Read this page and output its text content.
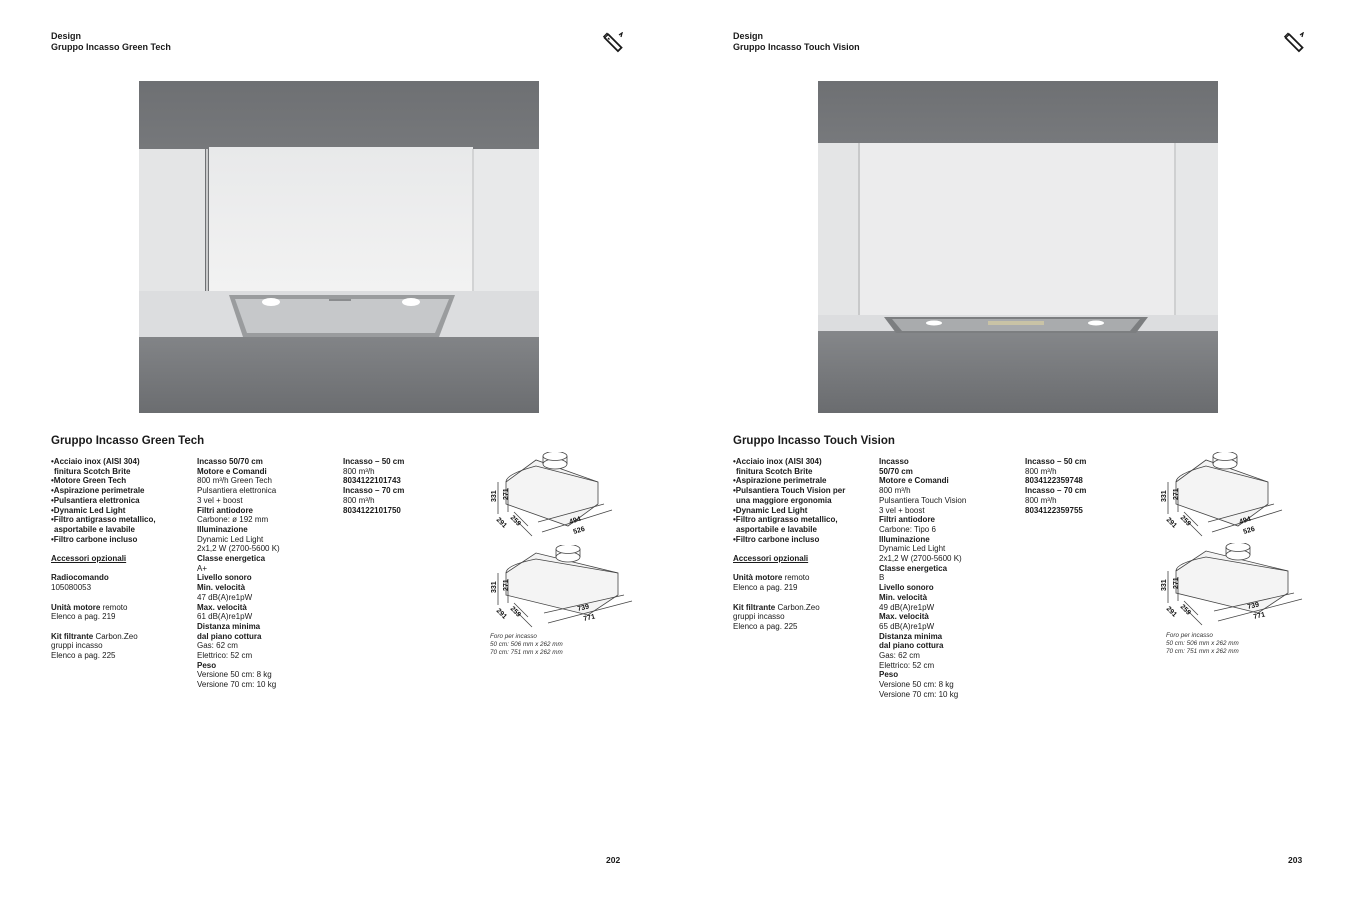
Design
Gruppo Incasso Green Tech
Gruppo Incasso Green Tech
•Acciaio inox (AISI 304)
finitura Scotch Brite
•Motore Green Tech
•Aspirazione perimetrale
•Pulsantiera elettronica
•Dynamic Led Light
•Filtro antigrasso metallico,
asportabile e lavabile
•Filtro carbone incluso
Accessori opzionali
Radiocomando
105080053
Unità motore remoto
Elenco a pag. 219
Kit filtrante Carbon.Zeo
gruppi incasso
Elenco a pag. 225
Incasso 50/70 cm
Motore e Comandi
800 m³/h Green Tech
Pulsantiera elettronica
3 vel + boost
Filtri antiodore
Carbone: ø 192 mm
Illuminazione
Dynamic Led Light
2x1,2 W (2700-5600 K)
Classe energetica
A+
Livello sonoro
Min. velocità
47 dB(A)re1pW
Max. velocità
61 dB(A)re1pW
Distanza minima
dal piano cottura
Gas: 62 cm
Elettrico: 52 cm
Peso
Versione 50 cm: 8 kg
Versione 70 cm: 10 kg
Incasso – 50 cm
800 m³/h
8034122101743
Incasso – 70 cm
800 m³/h
8034122101750
331 271
259
291	494
526
331 271
259
291	739
771
Foro per incasso
50 cm: 506 mm x 262 mm
70 cm: 751 mm x 262 mm
202
Design
Gruppo Incasso Touch Vision
Gruppo Incasso Touch Vision
•Acciaio inox (AISI 304)
finitura Scotch Brite
•Aspirazione perimetrale
•Pulsantiera Touch Vision per
una maggiore ergonomia
•Dynamic Led Light
•Filtro antigrasso metallico,
asportabile e lavabile
•Filtro carbone incluso
Accessori opzionali
Unità motore remoto
Elenco a pag. 219
Kit filtrante Carbon.Zeo
gruppi incasso
Elenco a pag. 225
Incasso
50/70 cm
Motore e Comandi
800 m³/h
Pulsantiera Touch Vision
3 vel + boost
Filtri antiodore
Carbone: Tipo 6
Illuminazione
Dynamic Led Light
2x1,2 W (2700-5600 K)
Classe energetica
B
Livello sonoro
Min. velocità
49 dB(A)re1pW
Max. velocità
65 dB(A)re1pW
Distanza minima
dal piano cottura
Gas: 62 cm
Elettrico: 52 cm
Peso
Versione 50 cm: 8 kg
Versione 70 cm: 10 kg
Incasso – 50 cm
800 m³/h
8034122359748
Incasso – 70 cm
800 m³/h
8034122359755
331 271
259
291	494
526
331 271
259
291	739
771
Foro per incasso
50 cm: 506 mm x 262 mm
70 cm: 751 mm x 262 mm
203
